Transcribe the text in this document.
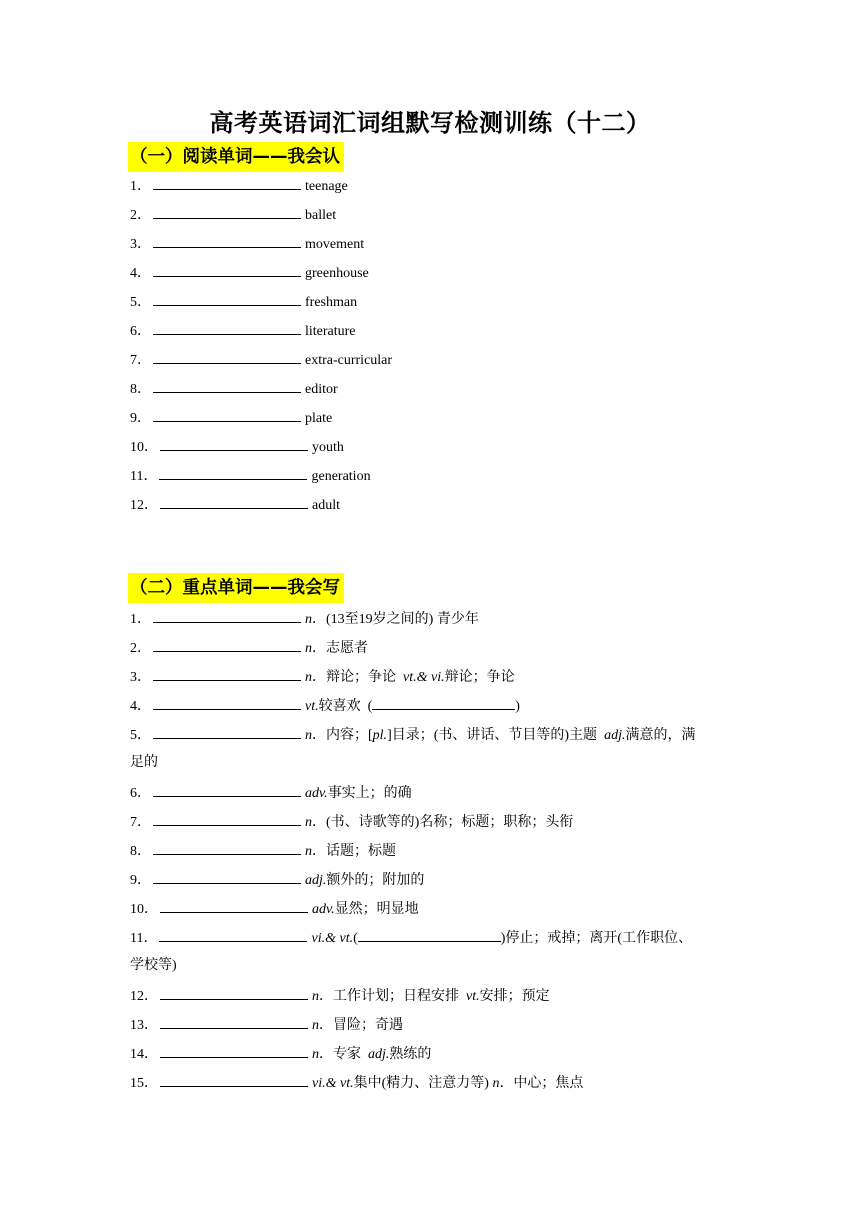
高考英语词汇词组默写检测训练（十二）
（一）阅读单词——我会认
1．	teenage
2．	ballet
3．	movement
4．	greenhouse
5．	freshman
6．	literature
7．	extra-curricular
8．	editor
9．	plate
10．	youth
11．	generation
12．	adult
（二）重点单词——我会写
1．	n．(13至19岁之间的) 青少年
2．	n．志愿者
3．	n．辩论；争论  vt.& vi.辩论；争论
4．	vt.较喜欢  (	)
5．	n．内容；[pl.]目录；(书、讲话、节目等的)主题  adj.满意的，满
足的
6．	adv.事实上；的确
7．	n．(书、诗歌等的)名称；标题；职称；头衔
8．	n．话题；标题
9．	adj.额外的；附加的
10．	adv.显然；明显地
11．	vi.& vt.(	)停止；戒掉；离开(工作职位、
学校等)
12．	n．工作计划；日程安排  vt.安排；预定
13．	n．冒险；奇遇
14．	n．专家  adj.熟练的
15．	vi.& vt.集中(精力、注意力等) n．中心；焦点
